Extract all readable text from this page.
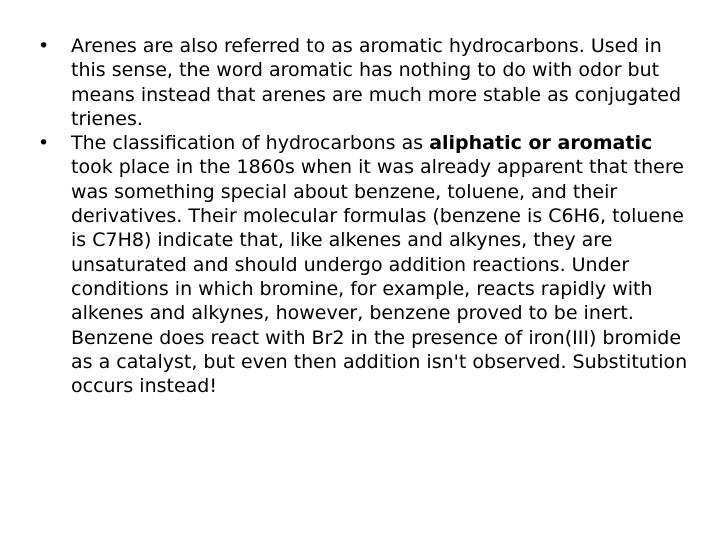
•	Arenes are also referred to as aromatic hydrocarbons. Used in this sense, the word aromatic has nothing to do with odor but means instead that arenes are much more stable as conjugated trienes.
•	The classification of hydrocarbons as aliphatic or aromatic took place in the 1860s when it was already apparent that there was something special about benzene, toluene, and their derivatives. Their molecular formulas (benzene is C6H6, toluene is C7H8) indicate that, like alkenes and alkynes, they are unsaturated and should undergo addition reactions. Under conditions in which bromine, for example, reacts rapidly with alkenes and alkynes, however, benzene proved to be inert. Benzene does react with Br2 in the presence of iron(III) bromide as a catalyst, but even then addition isn't observed. Substitution occurs instead!
